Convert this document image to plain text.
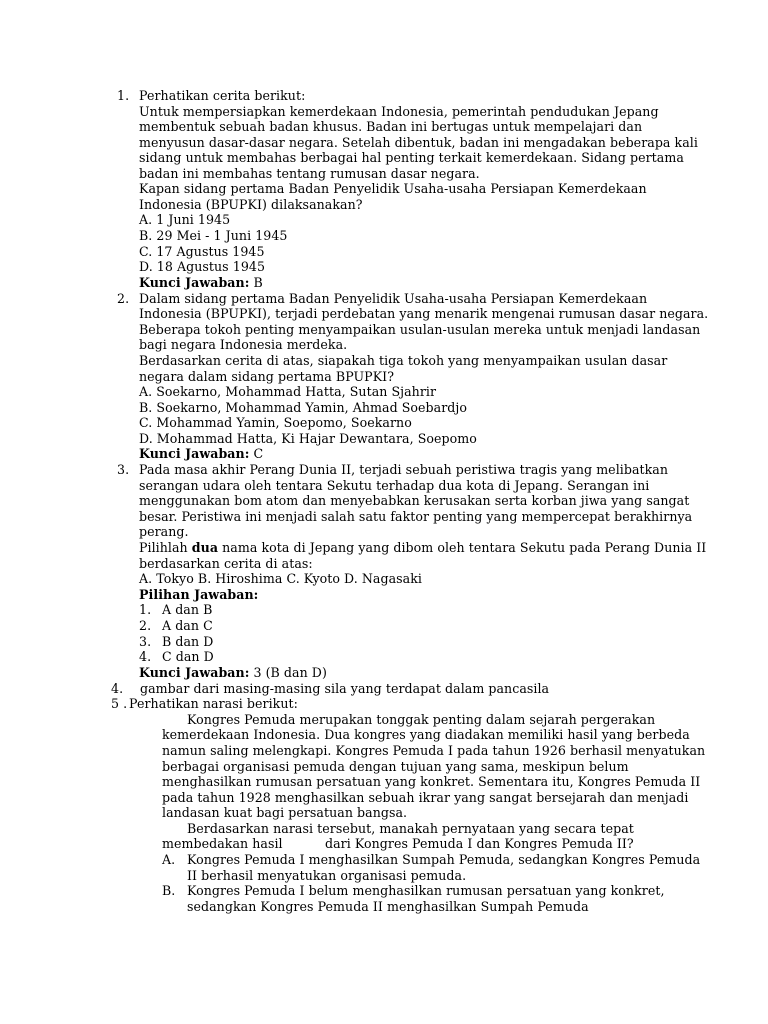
1. Perhatikan cerita berikut:
Untuk mempersiapkan kemerdekaan Indonesia, pemerintah pendudukan Jepang
membentuk sebuah badan khusus. Badan ini bertugas untuk mempelajari dan
menyusun dasar-dasar negara. Setelah dibentuk, badan ini mengadakan beberapa kali
sidang untuk membahas berbagai hal penting terkait kemerdekaan. Sidang pertama
badan ini membahas tentang rumusan dasar negara.
Kapan sidang pertama Badan Penyelidik Usaha-usaha Persiapan Kemerdekaan
Indonesia (BPUPKI) dilaksanakan?
A. 1 Juni 1945
B. 29 Mei - 1 Juni 1945
C. 17 Agustus 1945
D. 18 Agustus 1945
Kunci Jawaban: B
2. Dalam sidang pertama Badan Penyelidik Usaha-usaha Persiapan Kemerdekaan
Indonesia (BPUPKI), terjadi perdebatan yang menarik mengenai rumusan dasar negara.
Beberapa tokoh penting menyampaikan usulan-usulan mereka untuk menjadi landasan
bagi negara Indonesia merdeka.
Berdasarkan cerita di atas, siapakah tiga tokoh yang menyampaikan usulan dasar
negara dalam sidang pertama BPUPKI?
A. Soekarno, Mohammad Hatta, Sutan Sjahrir
B. Soekarno, Mohammad Yamin, Ahmad Soebardjo
C. Mohammad Yamin, Soepomo, Soekarno
D. Mohammad Hatta, Ki Hajar Dewantara, Soepomo
Kunci Jawaban: C
3. Pada masa akhir Perang Dunia II, terjadi sebuah peristiwa tragis yang melibatkan
serangan udara oleh tentara Sekutu terhadap dua kota di Jepang. Serangan ini
menggunakan bom atom dan menyebabkan kerusakan serta korban jiwa yang sangat
besar. Peristiwa ini menjadi salah satu faktor penting yang mempercepat berakhirnya
perang.
Pilihlah dua nama kota di Jepang yang dibom oleh tentara Sekutu pada Perang Dunia II
berdasarkan cerita di atas:
A. Tokyo B. Hiroshima C. Kyoto D. Nagasaki
Pilihan Jawaban:
1. A dan B
2. A dan C
3. B dan D
4. C dan D
Kunci Jawaban: 3 (B dan D)
4. gambar dari masing-masing sila yang terdapat dalam pancasila
5 . Perhatikan narasi berikut:
Kongres Pemuda merupakan tonggak penting dalam sejarah pergerakan
kemerdekaan Indonesia. Dua kongres yang diadakan memiliki hasil yang berbeda
namun saling melengkapi. Kongres Pemuda I pada tahun 1926 berhasil menyatukan
berbagai organisasi pemuda dengan tujuan yang sama, meskipun belum
menghasilkan rumusan persatuan yang konkret. Sementara itu, Kongres Pemuda II
pada tahun 1928 menghasilkan sebuah ikrar yang sangat bersejarah dan menjadi
landasan kuat bagi persatuan bangsa.
Berdasarkan narasi tersebut, manakah pernyataan yang secara tepat
membedakan hasil	dari Kongres Pemuda I dan Kongres Pemuda II?
A. Kongres Pemuda I menghasilkan Sumpah Pemuda, sedangkan Kongres Pemuda
II berhasil menyatukan organisasi pemuda.
B. Kongres Pemuda I belum menghasilkan rumusan persatuan yang konkret,
sedangkan Kongres Pemuda II menghasilkan Sumpah Pemuda
